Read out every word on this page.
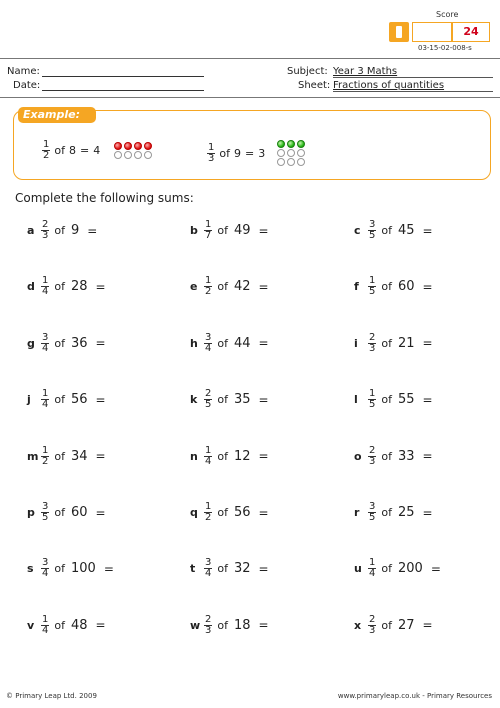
Score
24
03-15-02-008-s
Name:
Date:
Subject: Year 3 Maths
Sheet: Fractions of quantities
Example:
$\frac{1}{2}$ of 8 = 4	$\frac{1}{3}$ of 9 = 3
Complete the following sums:
a $\frac{2}{3}$ of 9 =	b $\frac{1}{7}$ of 49 =	c $\frac{3}{5}$ of 45 =
d $\frac{1}{4}$ of 28 =	e $\frac{1}{2}$ of 42 =	f $\frac{1}{5}$ of 60 =
g $\frac{3}{4}$ of 36 =	h $\frac{3}{4}$ of 44 =	i	$\frac{2}{3}$ of 21 =
j	$\frac{1}{4}$ of 56 =	k $\frac{2}{5}$ of 35 =	l	$\frac{1}{5}$ of 55 =
m $\frac{1}{2}$ of 34 =	n $\frac{1}{4}$ of 12 =	o $\frac{2}{3}$ of 33 =
p $\frac{3}{5}$ of 60 =	q $\frac{1}{2}$ of 56 =	r $\frac{3}{5}$ of 25 =
s $\frac{3}{4}$ of 100 =	t $\frac{3}{4}$ of 32 =	u $\frac{1}{4}$ of 200 =
v $\frac{1}{4}$ of 48 =	w $\frac{2}{3}$ of 18 =	x $\frac{2}{3}$ of 27 =
© Primary Leap Ltd. 2009	www.primaryleap.co.uk - Primary Resources
